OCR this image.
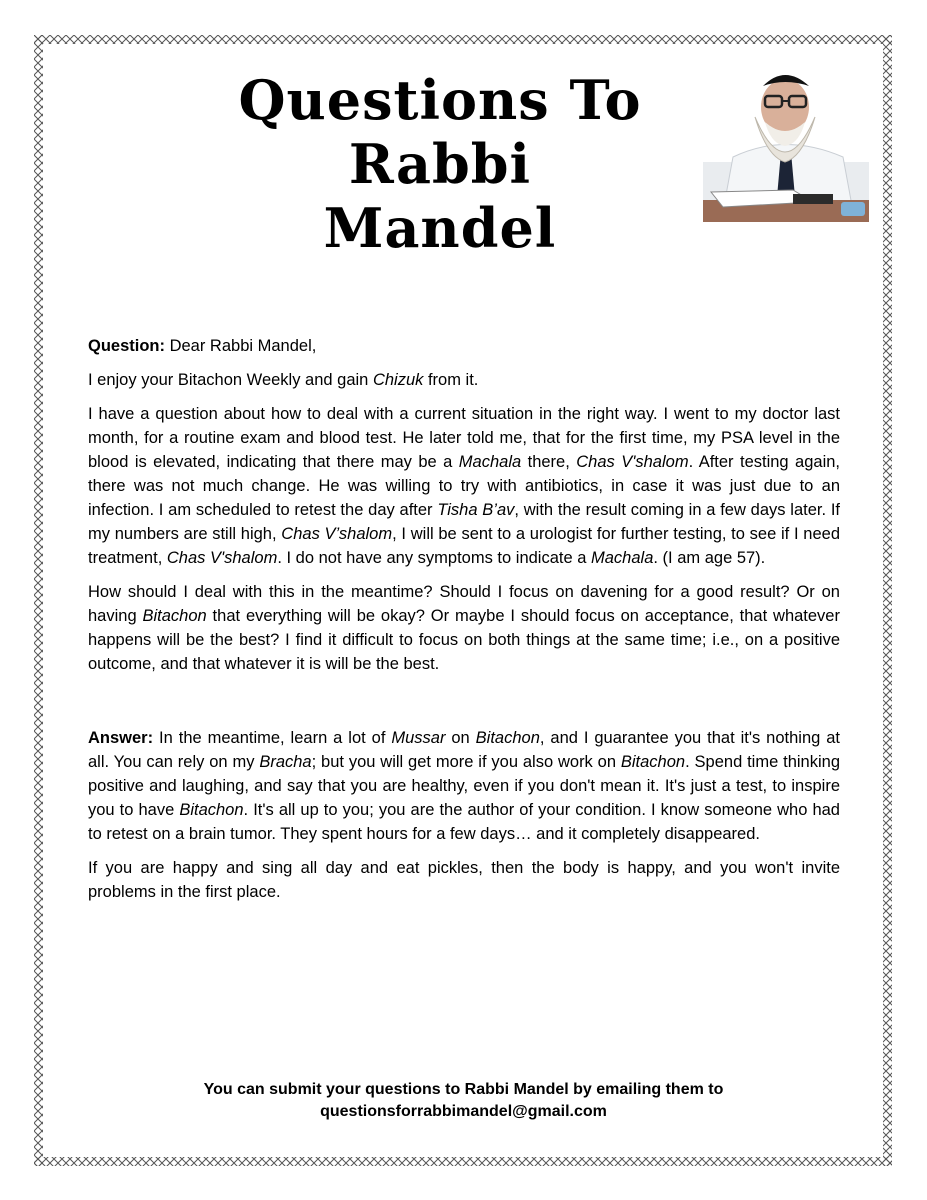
Questions To
Rabbi
Mandel

Question: Dear Rabbi Mandel,

I enjoy your Bitachon Weekly and gain Chizuk from it.

I have a question about how to deal with a current situation in the right way. I went to my doctor last month, for a routine exam and blood test. He later told me, that for the first time, my PSA level in the blood is elevated, indicating that there may be a Machala there, Chas V'shalom. After testing again, there was not much change. He was willing to try with antibiotics, in case it was just due to an infection. I am scheduled to retest the day after Tisha B’av, with the result coming in a few days later. If my numbers are still high, Chas V’shalom, I will be sent to a urologist for further testing, to see if I need treatment, Chas V'shalom. I do not have any symptoms to indicate a Machala. (I am age 57).

How should I deal with this in the meantime? Should I focus on davening for a good result? Or on having Bitachon that everything will be okay? Or maybe I should focus on acceptance, that whatever happens will be the best? I find it difficult to focus on both things at the same time; i.e., on a positive outcome, and that whatever it is will be the best.

Answer: In the meantime, learn a lot of Mussar on Bitachon, and I guarantee you that it's nothing at all. You can rely on my Bracha; but you will get more if you also work on Bitachon. Spend time thinking positive and laughing, and say that you are healthy, even if you don't mean it. It's just a test, to inspire you to have Bitachon. It's all up to you; you are the author of your condition. I know someone who had to retest on a brain tumor. They spent hours for a few days… and it completely disappeared.

If you are happy and sing all day and eat pickles, then the body is happy, and you won't invite problems in the first place.

You can submit your questions to Rabbi Mandel by emailing them to
questionsforrabbimandel@gmail.com
